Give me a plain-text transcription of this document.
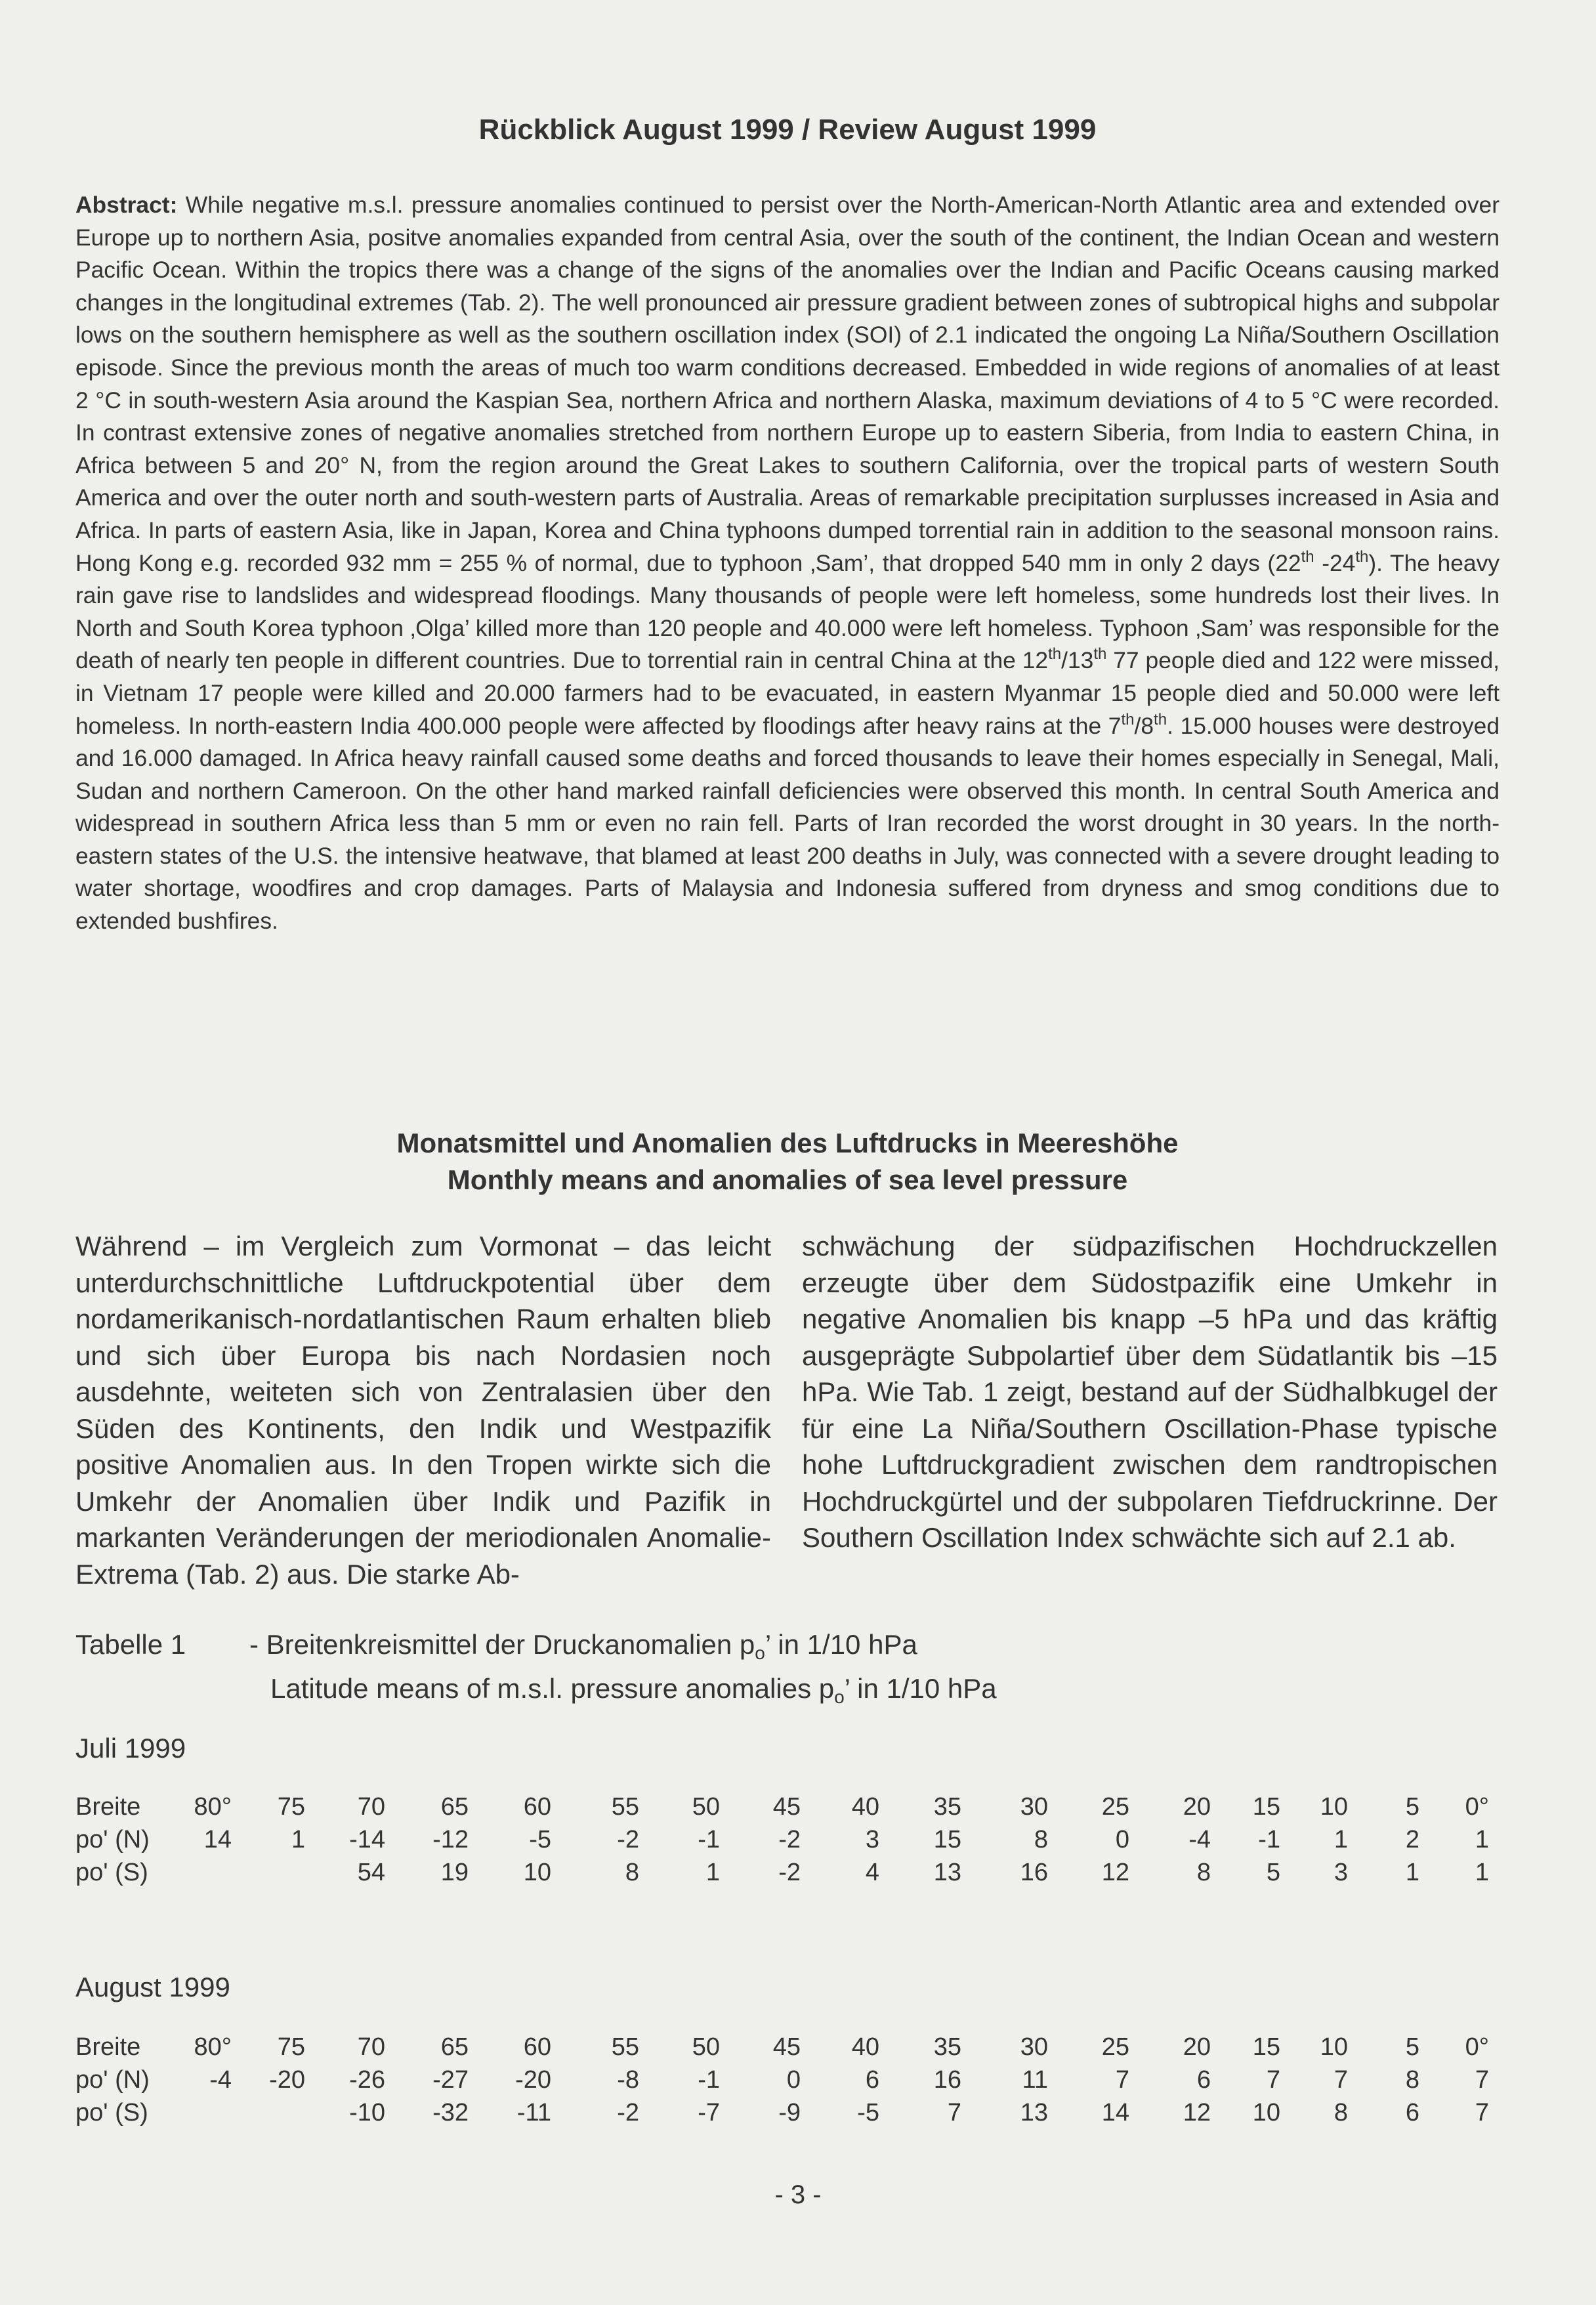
Rückblick August 1999 / Review August 1999
Abstract: While negative m.s.l. pressure anomalies continued to persist over the North-American-North Atlantic area and extended over Europe up to northern Asia, positve anomalies expanded from central Asia, over the south of the continent, the Indian Ocean and western Pacific Ocean. Within the tropics there was a change of the signs of the anomalies over the Indian and Pacific Oceans causing marked changes in the longitudinal extremes (Tab. 2). The well pronounced air pressure gradient between zones of subtropical highs and subpolar lows on the southern hemisphere as well as the southern oscillation index (SOI) of 2.1 indicated the ongoing La Niña/Southern Oscillation episode. Since the previous month the areas of much too warm conditions decreased. Embedded in wide regions of anomalies of at least 2 °C in south-western Asia around the Kaspian Sea, northern Africa and northern Alaska, maximum deviations of 4 to 5 °C were recorded. In contrast extensive zones of negative anomalies stretched from northern Europe up to eastern Siberia, from India to eastern China, in Africa between 5 and 20° N, from the region around the Great Lakes to southern California, over the tropical parts of western South America and over the outer north and south-western parts of Australia. Areas of remarkable precipitation surplusses increased in Asia and Africa. In parts of eastern Asia, like in Japan, Korea and China typhoons dumped torrential rain in addition to the seasonal monsoon rains. Hong Kong e.g. recorded 932 mm = 255 % of normal, due to typhoon ‚Sam’, that dropped 540 mm in only 2 days (22th -24th). The heavy rain gave rise to landslides and widespread floodings. Many thousands of people were left homeless, some hundreds lost their lives. In North and South Korea typhoon ‚Olga’ killed more than 120 people and 40.000 were left homeless. Typhoon ‚Sam’ was responsible for the death of nearly ten people in different countries. Due to torrential rain in central China at the 12th/13th 77 people died and 122 were missed, in Vietnam 17 people were killed and 20.000 farmers had to be evacuated, in eastern Myanmar 15 people died and 50.000 were left homeless. In north-eastern India 400.000 people were affected by floodings after heavy rains at the 7th/8th. 15.000 houses were destroyed and 16.000 damaged. In Africa heavy rainfall caused some deaths and forced thousands to leave their homes especially in Senegal, Mali, Sudan and northern Cameroon. On the other hand marked rainfall deficiencies were observed this month. In central South America and widespread in southern Africa less than 5 mm or even no rain fell. Parts of Iran recorded the worst drought in 30 years. In the north-eastern states of the U.S. the intensive heatwave, that blamed at least 200 deaths in July, was connected with a severe drought leading to water shortage, woodfires and crop damages. Parts of Malaysia and Indonesia suffered from dryness and smog conditions due to extended bushfires.
Monatsmittel und Anomalien des Luftdrucks in Meereshöhe
Monthly means and anomalies of sea level pressure
Während – im Vergleich zum Vormonat – das leicht unterdurchschnittliche Luftdruckpotential über dem nordamerikanisch-nordatlantischen Raum erhalten blieb und sich über Europa bis nach Nordasien noch ausdehnte, weiteten sich von Zentralasien über den Süden des Kontinents, den Indik und Westpazifik positive Anomalien aus. In den Tropen wirkte sich die Umkehr der Anomalien über Indik und Pazifik in markanten Veränderungen der meriodionalen Anomalie-Extrema (Tab. 2) aus. Die starke Ab-
schwächung der südpazifischen Hochdruckzellen erzeugte über dem Südostpazifik eine Umkehr in negative Anomalien bis knapp –5 hPa und das kräftig ausgeprägte Subpolartief über dem Südatlantik bis –15 hPa. Wie Tab. 1 zeigt, bestand auf der Südhalbkugel der für eine La Niña/Southern Oscillation-Phase typische hohe Luftdruckgradient zwischen dem randtropischen Hochdruckgürtel und der subpolaren Tiefdruckrinne. Der Southern Oscillation Index schwächte sich auf 2.1 ab.
Tabelle 1 - Breitenkreismittel der Druckanomalien $p_o$’ in 1/10 hPa
Latitude means of m.s.l. pressure anomalies $p_o$’ in 1/10 hPa
Juli 1999
Breite	80°	75	70	65	60	55	50	45	40	35	30	25	20	15	10	5	0°
po' (N)	14	1	-14	-12	-5	-2	-1	-2	3	15	8	0	-4	-1	1	2	1
po' (S)			54	19	10	8	1	-2	4	13	16	12	8	5	3	1	1
August 1999
Breite	80°	75	70	65	60	55	50	45	40	35	30	25	20	15	10	5	0°
po' (N)	-4	-20	-26	-27	-20	-8	-1	0	6	16	11	7	6	7	7	8	7
po' (S)			-10	-32	-11	-2	-7	-9	-5	7	13	14	12	10	8	6	7
- 3 -
